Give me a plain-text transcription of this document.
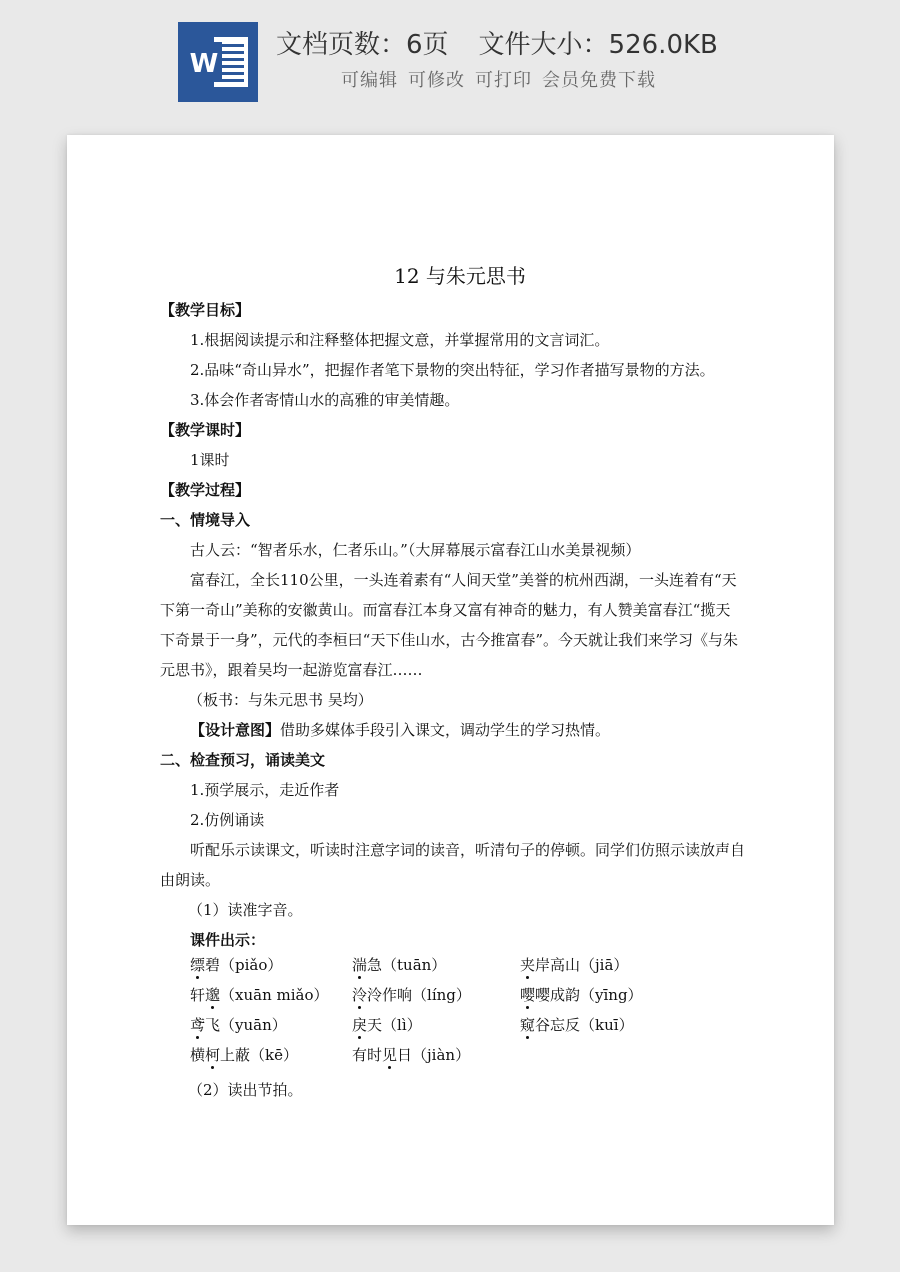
W
文档页数：6页 文件大小：526.0KB
可编辑 可修改 可打印 会员免费下载
12 与朱元思书
【教学目标】
1.根据阅读提示和注释整体把握文意，并掌握常用的文言词汇。
2.品味“奇山异水”，把握作者笔下景物的突出特征，学习作者描写景物的方法。
3.体会作者寄情山水的高雅的审美情趣。
【教学课时】
1课时
【教学过程】
一、情境导入
古人云：“智者乐水，仁者乐山。”（大屏幕展示富春江山水美景视频）
富春江，全长110公里，一头连着素有“人间天堂”美誉的杭州西湖，一头连着有“天
下第一奇山”美称的安徽黄山。而富春江本身又富有神奇的魅力，有人赞美富春江“揽天
下奇景于一身”，元代的李桓曰“天下佳山水，古今推富春”。今天就让我们来学习《与朱
元思书》，跟着吴均一起游览富春江……
（板书：与朱元思书 吴均）
【设计意图】借助多媒体手段引入课文，调动学生的学习热情。
二、检查预习，诵读美文
1.预学展示，走近作者
2.仿例诵读
听配乐示读课文，听读时注意字词的读音，听清句子的停顿。同学们仿照示读放声自
由朗读。
（1）读准字音。
课件出示：
缥碧（piǎo）	湍急（tuān）	夹岸高山（jiā）
轩邈（xuān miǎo） 泠泠作响（líng）	嘤嘤成韵（yīng）
鸢飞（yuān）	戾天（lì）	窥谷忘反（kuī）
横柯上蔽（kē）	有时见日（jiàn）
（2）读出节拍。
